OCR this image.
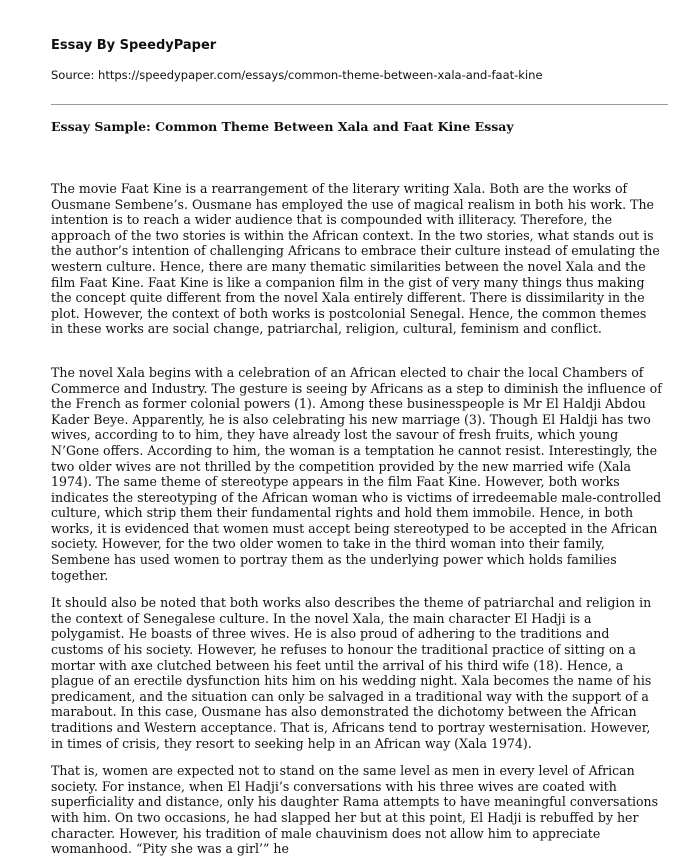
Essay By SpeedyPaper
Source: https://speedypaper.com/essays/common-theme-between-xala-and-faat-kine
Essay Sample: Common Theme Between Xala and Faat Kine Essay

The movie Faat Kine is a rearrangement of the literary writing Xala. Both are the works of Ousmane Sembene’s. Ousmane has employed the use of magical realism in both his work. The intention is to reach a wider audience that is compounded with illiteracy. Therefore, the approach of the two stories is within the African context. In the two stories, what stands out is the author’s intention of challenging Africans to embrace their culture instead of emulating the western culture. Hence, there are many thematic similarities between the novel Xala and the film Faat Kine. Faat Kine is like a companion film in the gist of very many things thus making the concept quite different from the novel Xala entirely different. There is dissimilarity in the plot. However, the context of both works is postcolonial Senegal. Hence, the common themes in these works are social change, patriarchal, religion, cultural, feminism and conflict.

The novel Xala begins with a celebration of an African elected to chair the local Chambers of Commerce and Industry. The gesture is seeing by Africans as a step to diminish the influence of the French as former colonial powers (1). Among these businesspeople is Mr El Haldji Abdou Kader Beye. Apparently, he is also celebrating his new marriage (3). Though El Haldji has two wives, according to to him, they have already lost the savour of fresh fruits, which young N’Gone offers. According to him, the woman is a temptation he cannot resist. Interestingly, the two older wives are not thrilled by the competition provided by the new married wife (Xala 1974). The same theme of stereotype appears in the film Faat Kine. However, both works indicates the stereotyping of the African woman who is victims of irredeemable male-controlled culture, which strip them their fundamental rights and hold them immobile. Hence, in both works, it is evidenced that women must accept being stereotyped to be accepted in the African society. However, for the two older women to take in the third woman into their family, Sembene has used women to portray them as the underlying power which holds families together.

It should also be noted that both works also describes the theme of patriarchal and religion in the context of Senegalese culture. In the novel Xala, the main character El Hadji is a polygamist. He boasts of three wives. He is also proud of adhering to the traditions and customs of his society. However, he refuses to honour the traditional practice of sitting on a mortar with axe clutched between his feet until the arrival of his third wife (18). Hence, a plague of an erectile dysfunction hits him on his wedding night. Xala becomes the name of his predicament, and the situation can only be salvaged in a traditional way with the support of a marabout. In this case, Ousmane has also demonstrated the dichotomy between the African traditions and Western acceptance. That is, Africans tend to portray westernisation. However, in times of crisis, they resort to seeking help in an African way (Xala 1974).

That is, women are expected not to stand on the same level as men in every level of African society. For instance, when El Hadji’s conversations with his three wives are coated with superficiality and distance, only his daughter Rama attempts to have meaningful conversations with him. On two occasions, he had slapped her but at this point, El Hadji is rebuffed by her character. However, his tradition of male chauvinism does not allow him to appreciate womanhood. “Pity she was a girl’” he
